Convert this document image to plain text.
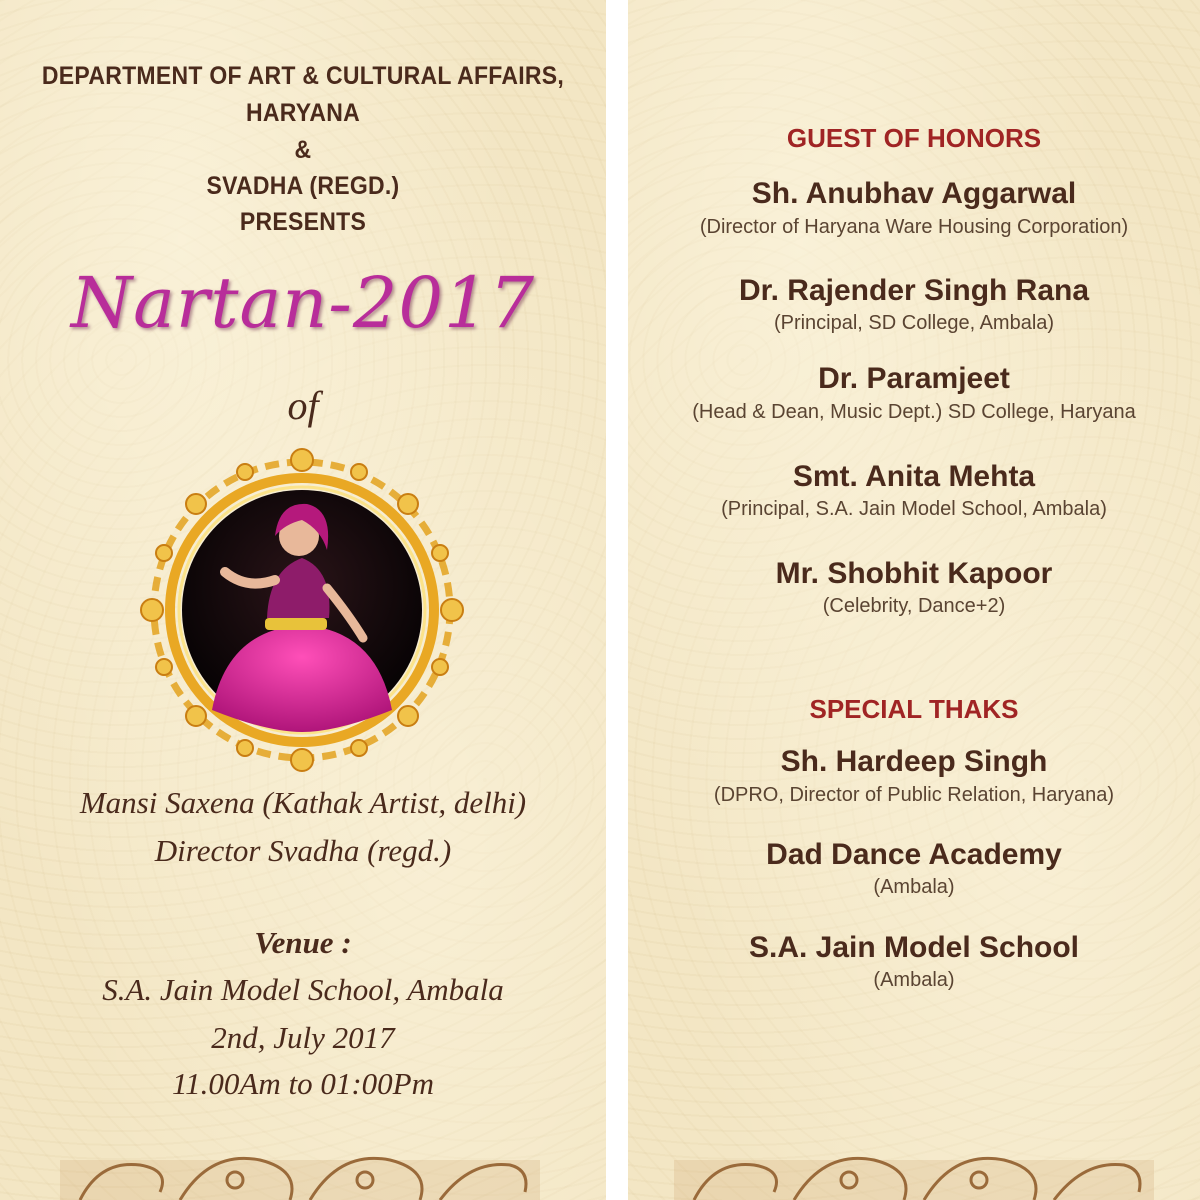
DEPARTMENT OF ART & CULTURAL AFFAIRS,

HARYANA

&

SVADHA (REGD.)

PRESENTS

Nartan-2017

of

Mansi Saxena (Kathak Artist, delhi)

Director Svadha (regd.)

Venue :

S.A. Jain Model School, Ambala

2nd, July 2017

11.00Am to 01:00Pm

GUEST OF HONORS

Sh. Anubhav Aggarwal

(Director of Haryana Ware Housing Corporation)

Dr. Rajender Singh Rana

(Principal, SD College, Ambala)

Dr. Paramjeet

(Head & Dean, Music Dept.) SD College, Haryana

Smt. Anita Mehta

(Principal, S.A. Jain Model School, Ambala)

Mr. Shobhit Kapoor

(Celebrity, Dance+2)

SPECIAL THAKS

Sh. Hardeep Singh

(DPRO, Director of Public Relation, Haryana)

Dad Dance Academy

(Ambala)

S.A. Jain Model School

(Ambala)
